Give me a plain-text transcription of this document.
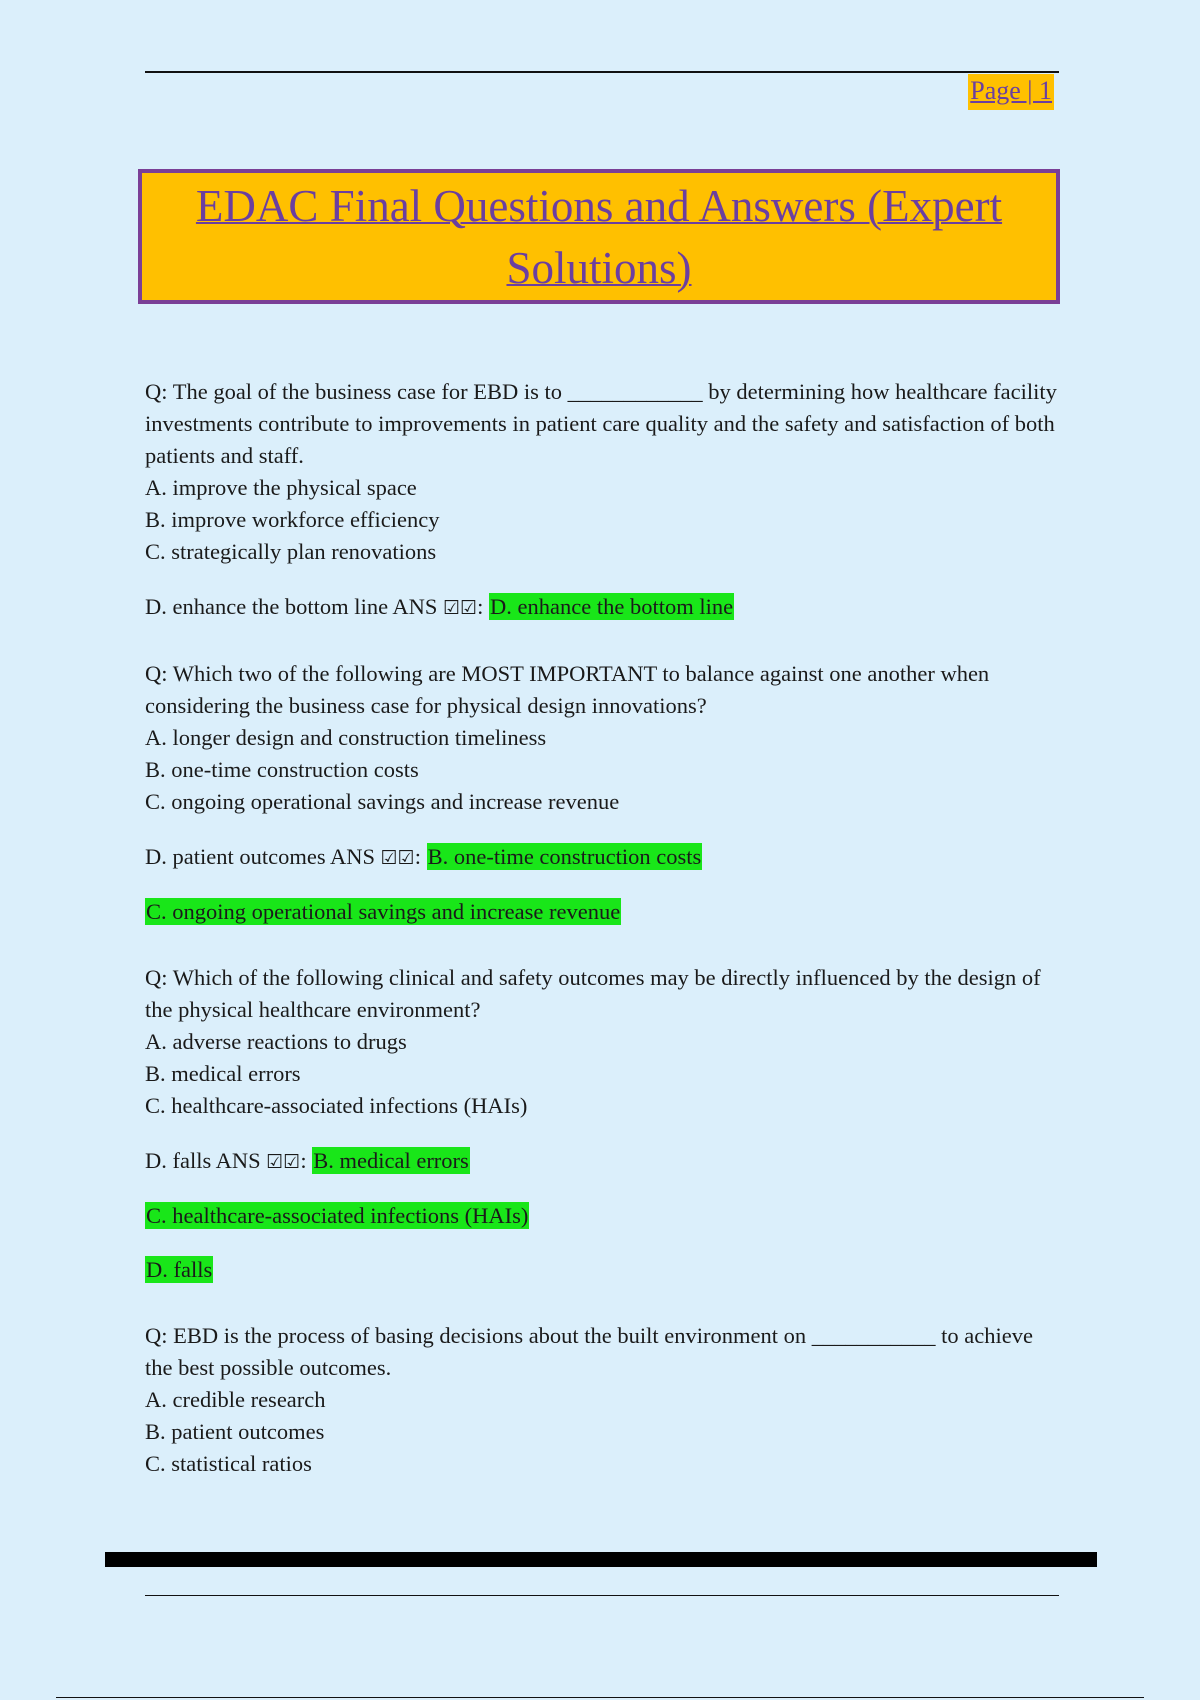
Page | 1
EDAC Final Questions and Answers (Expert Solutions)

Q: The goal of the business case for EBD is to ____________ by determining how healthcare facility investments contribute to improvements in patient care quality and the safety and satisfaction of both patients and staff.

A. improve the physical space

B. improve workforce efficiency

C. strategically plan renovations

D. enhance the bottom line ANS ☑☑: D. enhance the bottom line

Q: Which two of the following are MOST IMPORTANT to balance against one another when considering the business case for physical design innovations?

A. longer design and construction timeliness

B. one-time construction costs

C. ongoing operational savings and increase revenue

D. patient outcomes ANS ☑☑: B. one-time construction costs

C. ongoing operational savings and increase revenue

Q: Which of the following clinical and safety outcomes may be directly influenced by the design of the physical healthcare environment?

A. adverse reactions to drugs

B. medical errors

C. healthcare-associated infections (HAIs)

D. falls ANS ☑☑: B. medical errors

C. healthcare-associated infections (HAIs)

D. falls

Q: EBD is the process of basing decisions about the built environment on ___________ to achieve the best possible outcomes.

A. credible research

B. patient outcomes

C. statistical ratios
